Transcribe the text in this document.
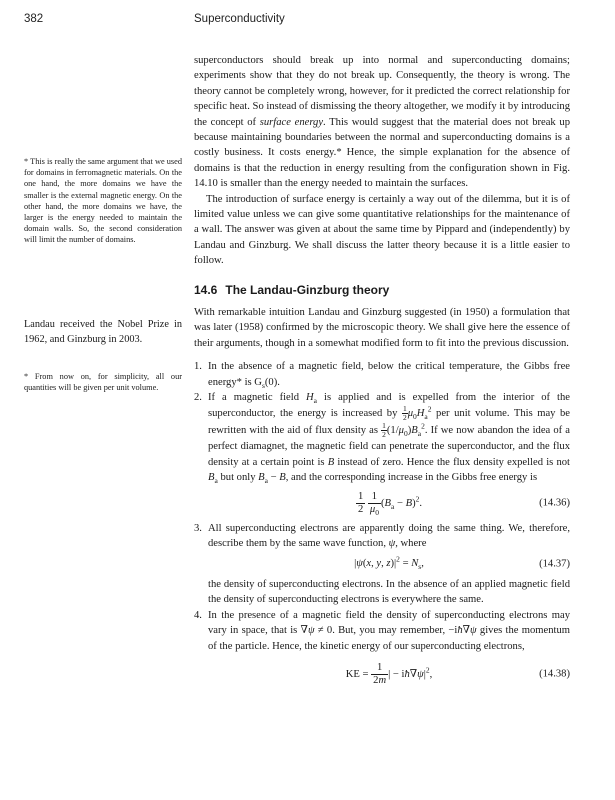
382	Superconductivity
* This is really the same argument that we used for domains in ferromagnetic materials. On the one hand, the more domains we have the smaller is the external magnetic energy. On the other hand, the more domains we have, the larger is the energy needed to maintain the domain walls. So, the second consideration will limit the number of domains.
Landau received the Nobel Prize in 1962, and Ginzburg in 2003.
* From now on, for simplicity, all our quantities will be given per unit volume.

superconductors should break up into normal and superconducting domains; experiments show that they do not break up. Consequently, the theory is wrong. The theory cannot be completely wrong, however, for it predicted the correct relationship for specific heat. So instead of dismissing the theory altogether, we modify it by introducing the concept of surface energy. This would suggest that the material does not break up because maintaining boundaries between the normal and superconducting domains is a costly business. It costs energy.* Hence, the simple explanation for the absence of domains is that the reduction in energy resulting from the configuration shown in Fig. 14.10 is smaller than the energy needed to maintain the surfaces.

The introduction of surface energy is certainly a way out of the dilemma, but it is of limited value unless we can give some quantitative relationships for the maintenance of a wall. The answer was given at about the same time by Pippard and (independently) by Landau and Ginzburg. We shall discuss the latter theory because it is a little easier to follow.

14.6 The Landau-Ginzburg theory

With remarkable intuition Landau and Ginzburg suggested (in 1950) a formulation that was later (1958) confirmed by the microscopic theory. We shall give here the essence of their arguments, though in a somewhat modified form to fit into the previous discussion.

1. In the absence of a magnetic field, below the critical temperature, the Gibbs free energy* is $G_s(0)$.
2. If a magnetic field $H_a$ is applied and is expelled from the interior of the superconductor, the energy is increased by $\frac{1}{2} \mu_0H_a^2$ per unit volume. This may be rewritten with the aid of flux density as $\frac{1}{2} (1/\mu_0)B_a^2$. If we now abandon the idea of a perfect diamagnet, the magnetic field can penetrate the superconductor, and the flux density at a certain point is B instead of zero. Hence the flux density expelled is not $B_a$ but only $B_a - B$, and the corresponding increase in the Gibbs free energy is
$\frac{1}{2}$
$\frac{1}{\mu_0} (B_a - B)^2$.	(14.36)
3. All superconducting electrons are apparently doing the same thing. We, therefore, describe them by the same wave function, ψ, where
|ψ(x, y, $z)|^2 = N_s$,	(14.37)
the density of superconducting electrons. In the absence of an applied magnetic field the density of superconducting electrons is everywhere the same.
4. In the presence of a magnetic field the density of superconducting electrons may vary in space, that is ∇ψ ≠ 0. But, you may remember, −iħ∇ψ gives the momentum of the particle. Hence, the kinetic energy of our superconducting electrons,
KE = $\frac{1}{2m}$ | − $iħ\nabla\psi|^2$,	(14.38)
